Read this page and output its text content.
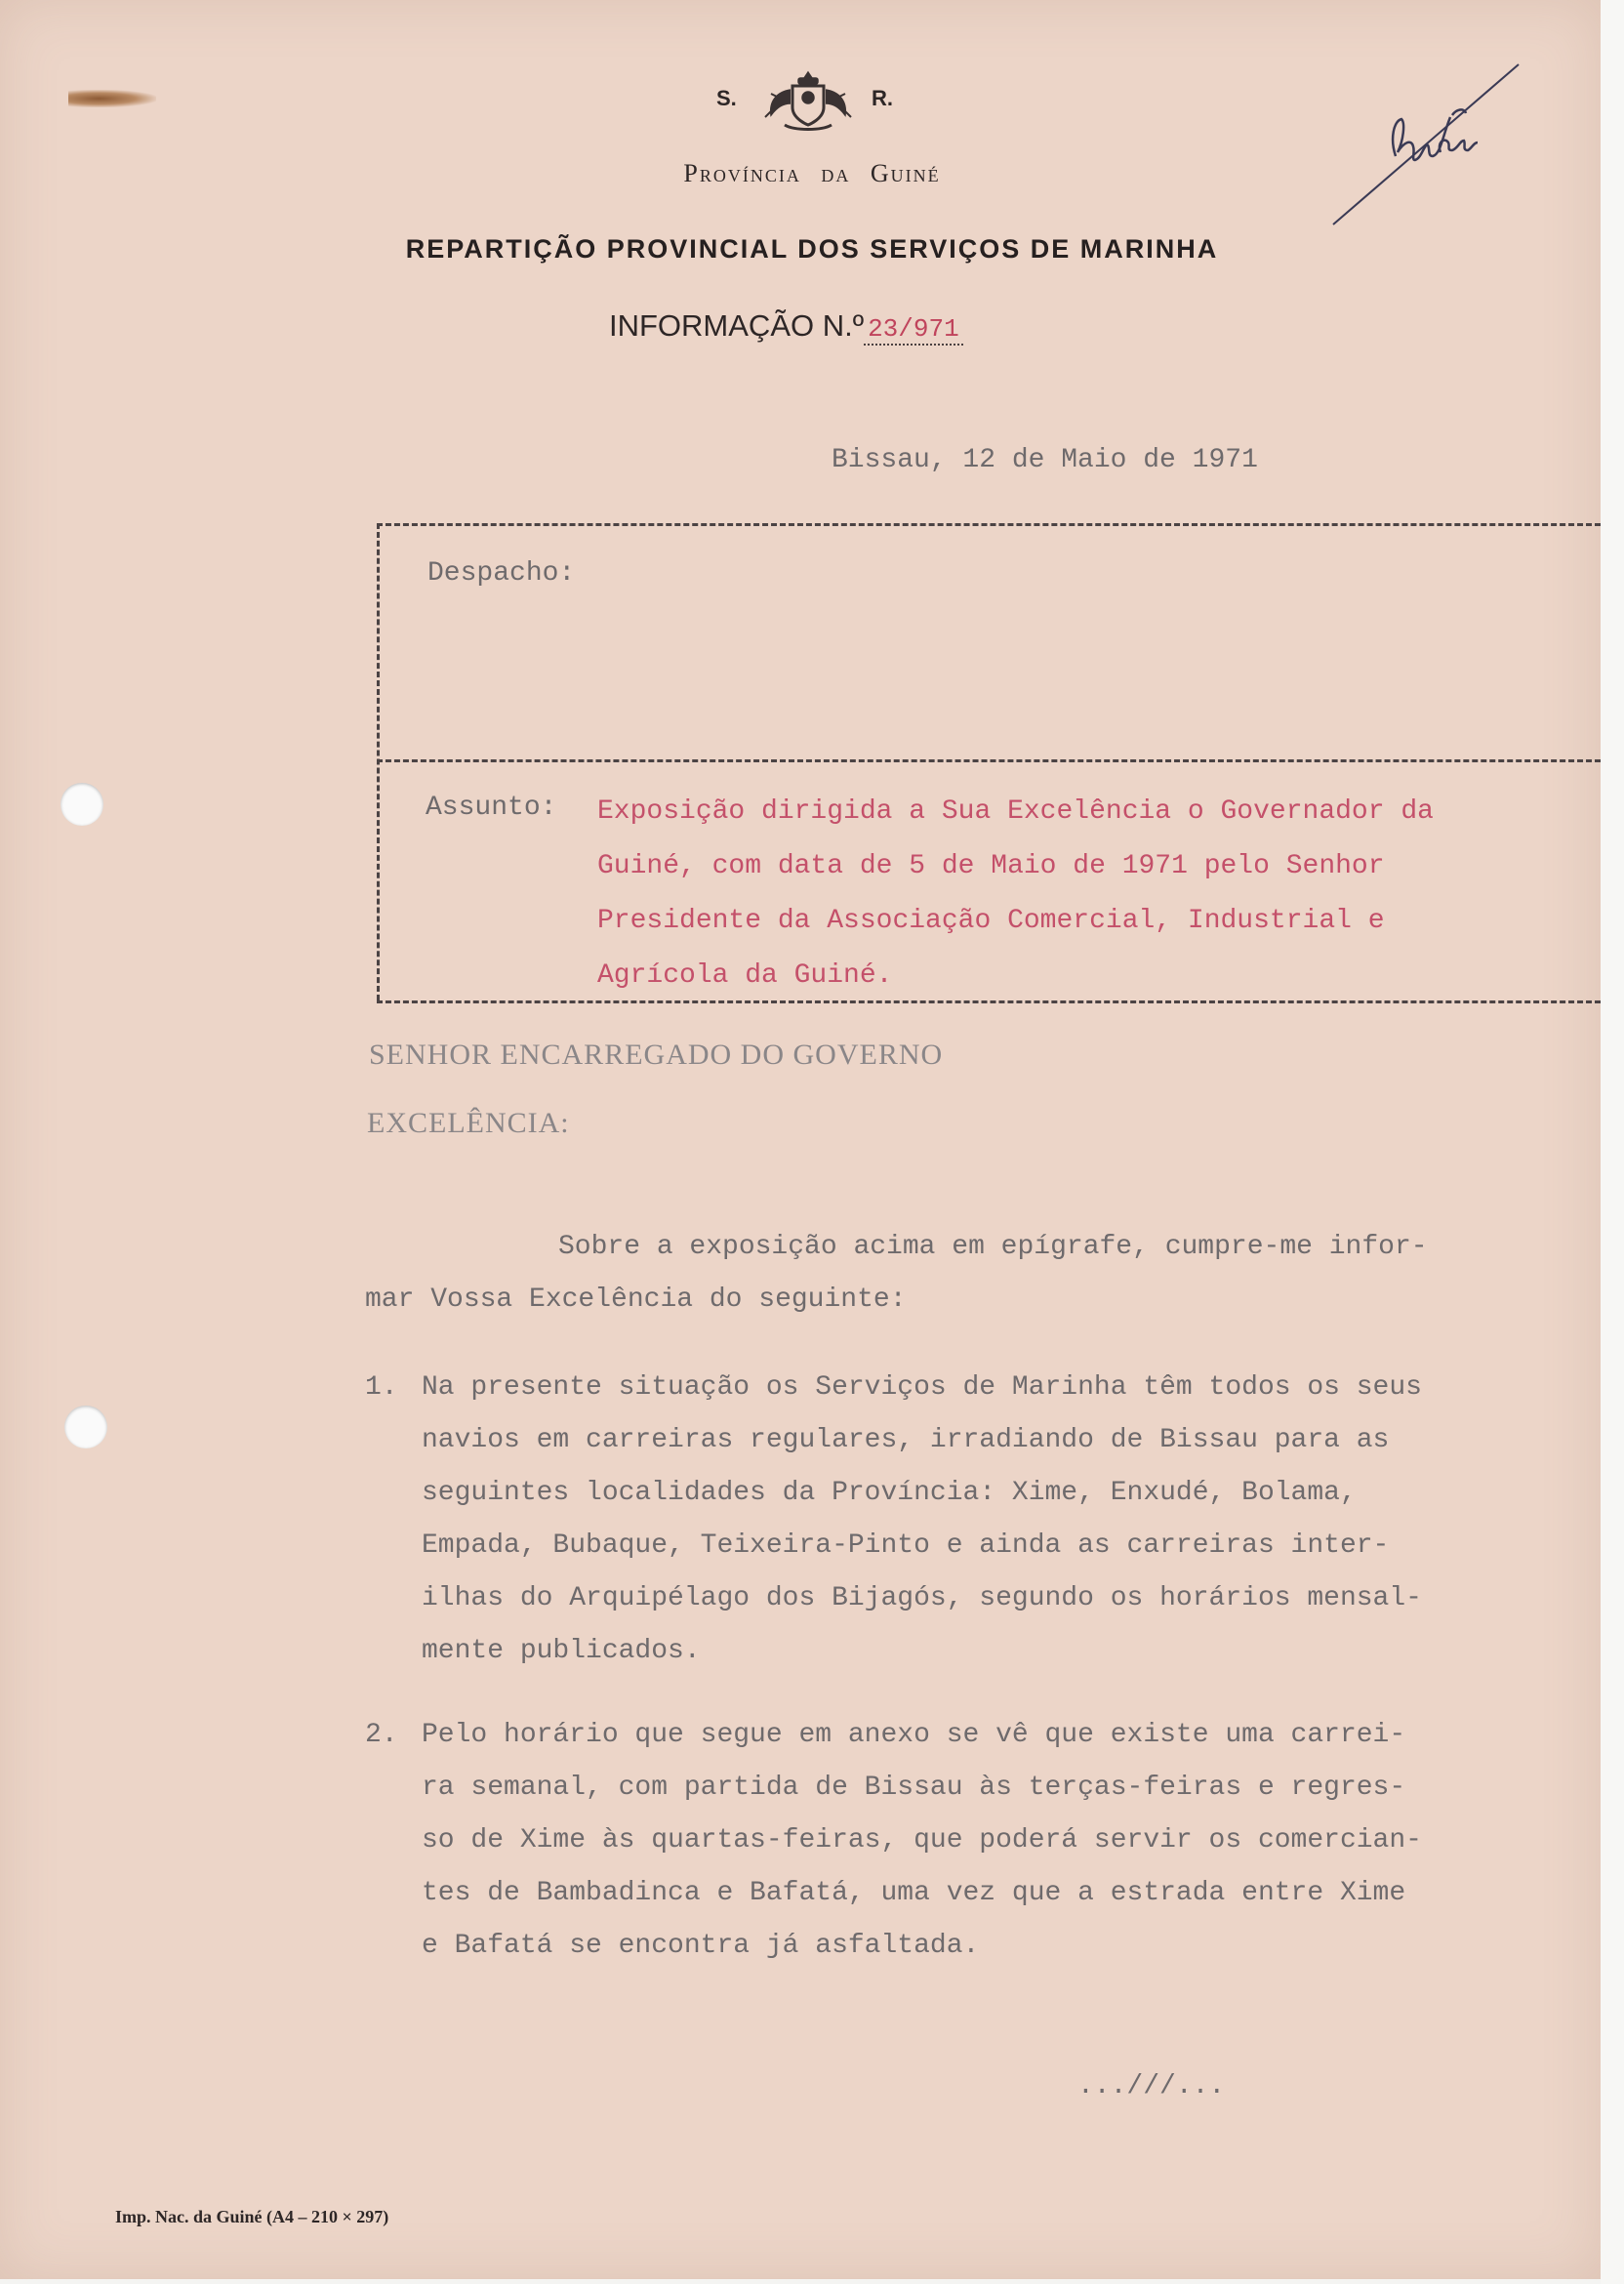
S.	R.
Província da Guiné
REPARTIÇÃO PROVINCIAL DOS SERVIÇOS DE MARINHA
INFORMAÇÃO N.º 23/971
Bissau, 12 de Maio de 1971
Despacho:
Assunto: Exposição dirigida a Sua Excelência o Governador da
Guiné, com data de 5 de Maio de 1971 pelo Senhor
Presidente da Associação Comercial, Industrial e
Agrícola da Guiné.
SENHOR ENCARREGADO DO GOVERNO
EXCELÊNCIA:
Sobre a exposição acima em epígrafe, cumpre-me infor-
mar Vossa Excelência do seguinte:
1. Na presente situação os Serviços de Marinha têm todos os seus
navios em carreiras regulares, irradiando de Bissau para as
seguintes localidades da Província: Xime, Enxudé, Bolama,
Empada, Bubaque, Teixeira-Pinto e ainda as carreiras inter-
ilhas do Arquipélago dos Bijagós, segundo os horários mensal-
mente publicados.
2. Pelo horário que segue em anexo se vê que existe uma carrei-
ra semanal, com partida de Bissau às terças-feiras e regres-
so de Xime às quartas-feiras, que poderá servir os comercian-
tes de Bambadinca e Bafatá, uma vez que a estrada entre Xime
e Bafatá se encontra já asfaltada.
...///...
Imp. Nac. da Guiné (A4 – 210 × 297)
